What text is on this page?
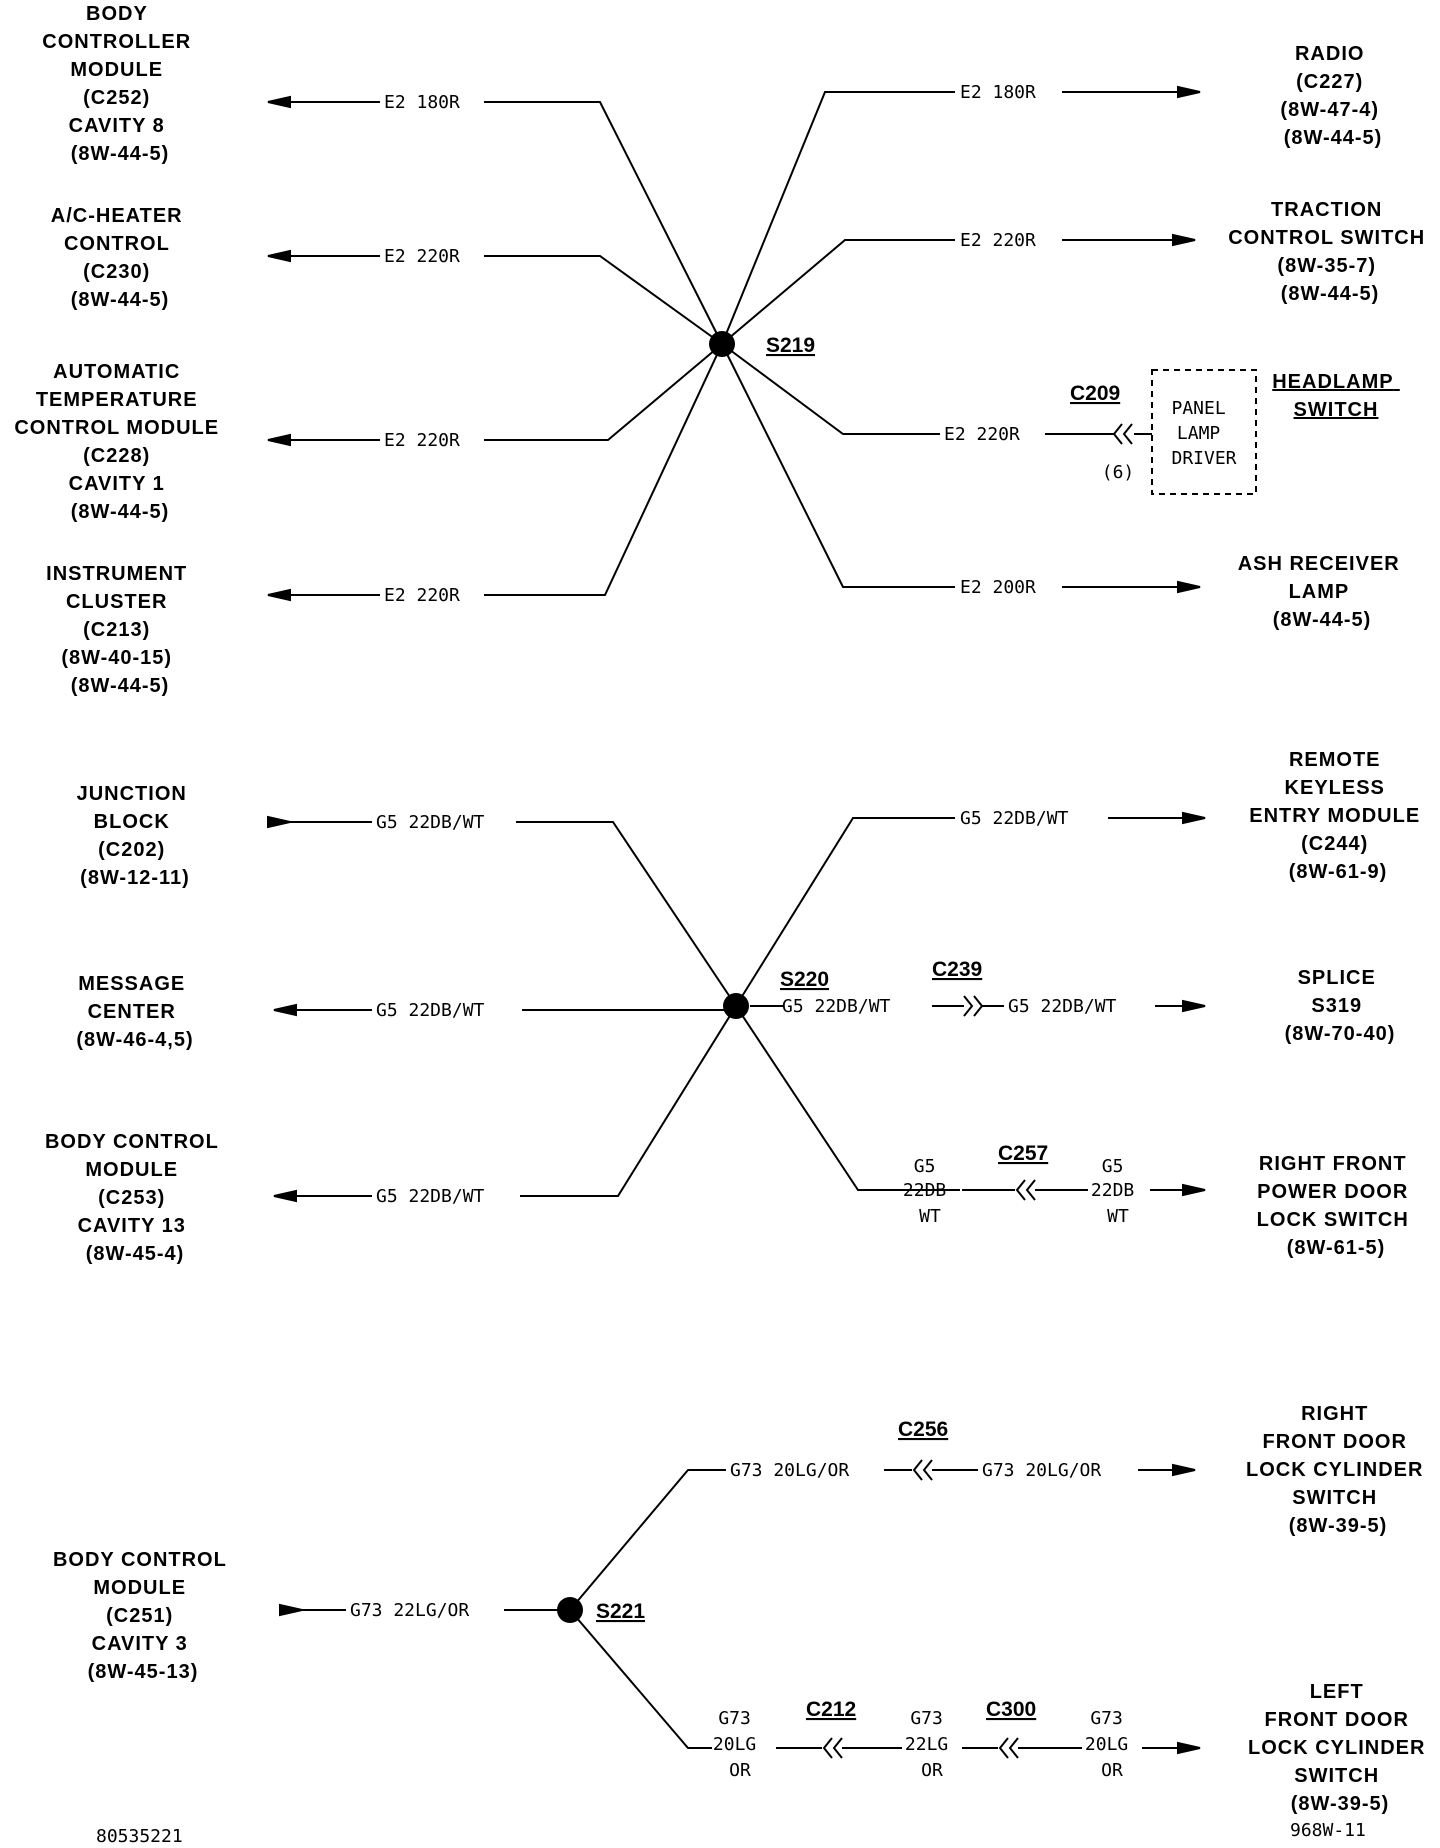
BODY CONTROLLER MODULE (C252) CAVITY 8 (8W-44-5)
A/C-HEATER CONTROL (C230) (8W-44-5)
AUTOMATIC TEMPERATURE CONTROL MODULE (C228) CAVITY 1 (8W-44-5)
INSTRUMENT CLUSTER (C213) (8W-40-15) (8W-44-5)
E2 180R
E2 220R
E2 220R
E2 220R
S219
E2 180R
E2 220R
E2 220R
E2 200R
C209
(6)
PANEL LAMP DRIVER
RADIO (C227) (8W-47-4) (8W-44-5)
TRACTION CONTROL SWITCH (8W-35-7) (8W-44-5)
HEADLAMP SWITCH
ASH RECEIVER LAMP (8W-44-5)
JUNCTION BLOCK (C202) (8W-12-11)
MESSAGE CENTER (8W-46-4,5)
BODY CONTROL MODULE (C253) CAVITY 13 (8W-45-4)
G5 22DB/WT
G5 22DB/WT
G5 22DB/WT
S220
G5 22DB/WT
G5 22DB/WT	G5 22DB/WT
C239
G5 22DB WT
G5 22DB WT
C257
REMOTE KEYLESS ENTRY MODULE (C244) (8W-61-9)
SPLICE S319 (8W-70-40)
RIGHT FRONT POWER DOOR LOCK SWITCH (8W-61-5)
BODY CONTROL MODULE (C251) CAVITY 3 (8W-45-13)
G73 22LG/OR	S221
G73 20LG/OR	G73 20LG/OR
C256
G73 20LG OR
G73 22LG OR
G73 20LG OR
C212	C300
RIGHT FRONT DOOR LOCK CYLINDER SWITCH (8W-39-5)
LEFT FRONT DOOR LOCK CYLINDER SWITCH (8W-39-5)
80535221	968W-11
